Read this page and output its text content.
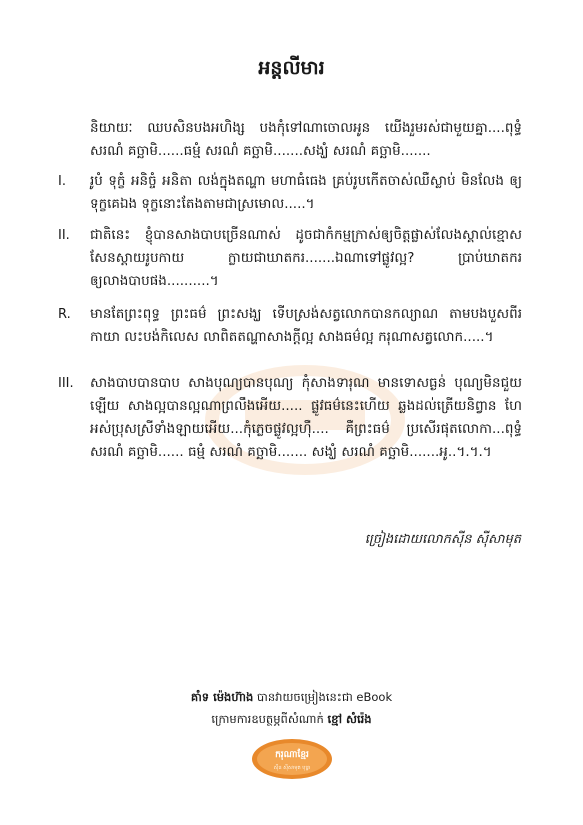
អន្តលីមារ
និយាយៈ ឈបសិនបងអហិង្ស បងកុំទៅណាចោលអូន យើងរួមរស់ជាមួយគ្នា....ពុទ្ធំ សរណំ គច្ឆាមិ......ធម្មំ សរណំ គច្ឆាមិ.......សង្ឃំ សរណំ គច្ឆាមិ.......
I.	រូបំ ទុក្ខំ អនិច្ចំ អនិតា លង់ក្នុងតណ្ហា មហាធំធេង គ្រប់រូបកើតចាស់ឈឺស្លាប់ មិនលែង ឲ្យទុក្ខគេឯង ទុក្ខនោះតែងតាមជាស្រមោល.....។
II.	ជាតិនេះ ខ្ញុំបានសាងបាបច្រើនណាស់ ដូចជាកំកម្មក្រាស់ឲ្យចិត្តផ្លាស់លែងស្គាល់ខ្មោស សែនស្ដាយរូបកាយ ក្លាយជាឃាតករ.......ឯណាទៅផ្លូវល្អ? ប្រាប់ឃាតករឲ្យលាងបាបផង..........។
R.	មានតែព្រះពុទ្ធ ព្រះធម៌ ព្រះសង្ឃ ទើបស្រង់សត្វលោកបានកល្យាណ តាមបងបួសពីរកាយា លះបង់កិលេស លាពិតតណ្ហាសាងក្ដីល្អ សាងធម៌ល្អ ករុណាសត្វលោក.....។
III.	សាងបាបបានបាប សាងបុណ្យបានបុណ្យ កុំសាងទារុណ មានទោសធ្ងន់ បុណ្យមិនជួយឡើយ សាងល្អបានល្អណាព្រលឹងអើយ..... ផ្លូវធម៌នេះហើយ ឆ្លងដល់ត្រើយនិព្វាន ហែអស់ប្រុសស្រីទាំងឡាយអើយ...កុំភ្លេចផ្លូវល្អហ៊ឺ.... គឺព្រះធម៌ ប្រសើរផុតលោកា...ពុទ្ធំ សរណំ គច្ឆាមិ...... ធម្មំ សរណំ គច្ឆាមិ....... សង្ឃំ សរណំ គច្ឆាមិ.......អូ..។.។.។
ច្រៀងដោយលោកស៊ីន ស៊ីសាមុត
គាំទ ម៉េងហ៊ាង បានវាយចម្រៀងនេះជា eBook
ក្រោមការឧបត្ថម្ភពីសំណាក់ ខ្មៅ សំរ៉េង
ករុណាខ្មែរ
ស៊ីន ស៊ីសាមុត បុប្ផា
